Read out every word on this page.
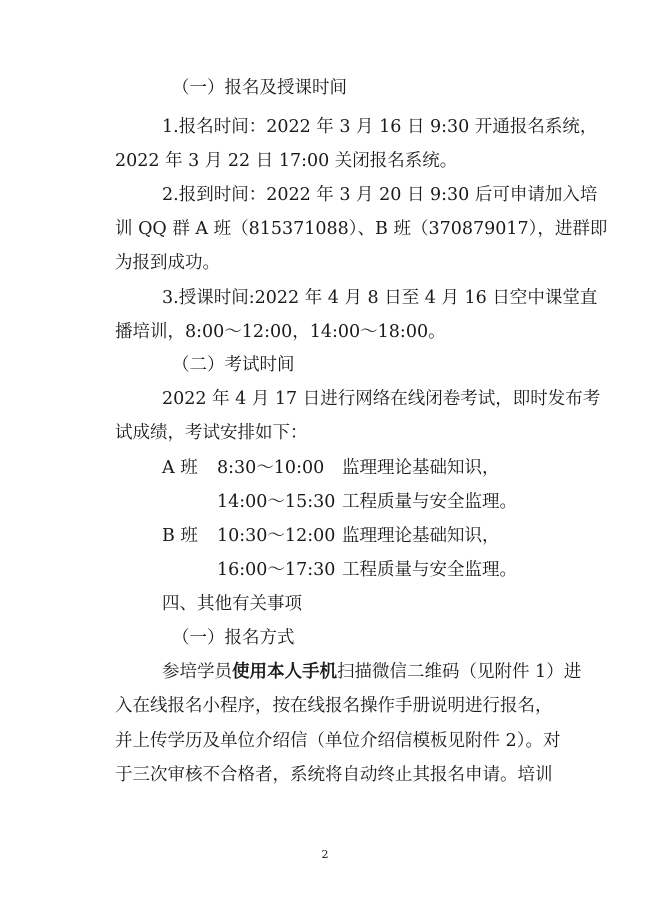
（一）报名及授课时间
1.报名时间：2022 年 3 月 16 日 9:30 开通报名系统，
2022 年 3 月 22 日 17:00 关闭报名系统。
2.报到时间：2022 年 3 月 20 日 9:30 后可申请加入培
训 QQ 群 A 班（815371088）、B 班（370879017），进群即
为报到成功。
3.授课时间:2022 年 4 月 8 日至 4 月 16 日空中课堂直
播培训，8:00～12:00，14:00～18:00。
（二）考试时间
2022 年 4 月 17 日进行网络在线闭卷考试，即时发布考
试成绩，考试安排如下：
A 班 8:30～10:00 监理理论基础知识，
14:00～15:30 工程质量与安全监理。
B 班 10:30～12:00 监理理论基础知识，
16:00～17:30 工程质量与安全监理。
四、其他有关事项
（一）报名方式
参培学员使用本人手机扫描微信二维码（见附件 1）进
入在线报名小程序，按在线报名操作手册说明进行报名，
并上传学历及单位介绍信（单位介绍信模板见附件 2）。对
于三次审核不合格者，系统将自动终止其报名申请。培训
2
